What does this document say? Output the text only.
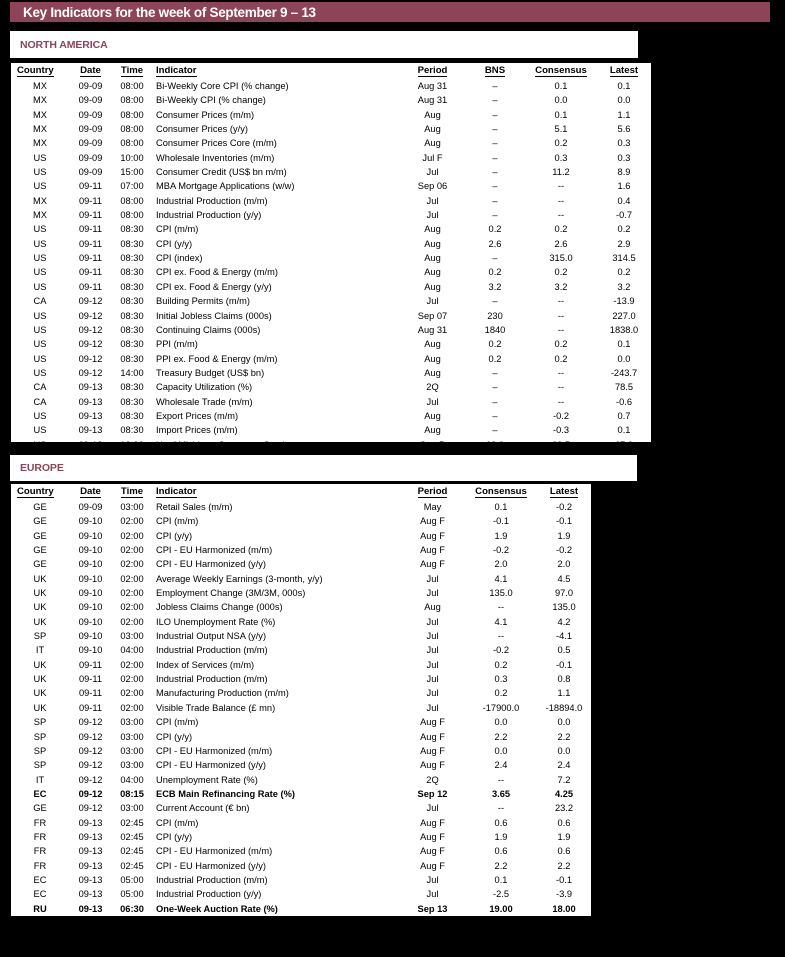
Key Indicators for the week of September 9 – 13
NORTH AMERICA
Country	Date	Time	Indicator	Period	BNS	Consensus	Latest
MX	09-09	08:00	Bi-Weekly Core CPI (% change)	Aug 31	–	0.1	0.1
MX	09-09	08:00	Bi-Weekly CPI (% change)	Aug 31	–	0.0	0.0
MX	09-09	08:00	Consumer Prices (m/m)	Aug	–	0.1	1.1
MX	09-09	08:00	Consumer Prices (y/y)	Aug	–	5.1	5.6
MX	09-09	08:00	Consumer Prices Core (m/m)	Aug	–	0.2	0.3
US	09-09	10:00	Wholesale Inventories (m/m)	Jul F	–	0.3	0.3
US	09-09	15:00	Consumer Credit (US$ bn m/m)	Jul	–	11.2	8.9
US	09-11	07:00	MBA Mortgage Applications (w/w)	Sep 06	–	--	1.6
MX	09-11	08:00	Industrial Production (m/m)	Jul	–	--	0.4
MX	09-11	08:00	Industrial Production (y/y)	Jul	–	--	-0.7
US	09-11	08:30	CPI (m/m)	Aug	0.2	0.2	0.2
US	09-11	08:30	CPI (y/y)	Aug	2.6	2.6	2.9
US	09-11	08:30	CPI (index)	Aug	–	315.0	314.5
US	09-11	08:30	CPI ex. Food & Energy (m/m)	Aug	0.2	0.2	0.2
US	09-11	08:30	CPI ex. Food & Energy (y/y)	Aug	3.2	3.2	3.2
CA	09-12	08:30	Building Permits (m/m)	Jul	–	--	-13.9
US	09-12	08:30	Initial Jobless Claims (000s)	Sep 07	230	--	227.0
US	09-12	08:30	Continuing Claims (000s)	Aug 31	1840	--	1838.0
US	09-12	08:30	PPI (m/m)	Aug	0.2	0.2	0.1
US	09-12	08:30	PPI ex. Food & Energy (m/m)	Aug	0.2	0.2	0.0
US	09-12	14:00	Treasury Budget (US$ bn)	Aug	–	--	-243.7
CA	09-13	08:30	Capacity Utilization (%)	2Q	–	--	78.5
CA	09-13	08:30	Wholesale Trade (m/m)	Jul	–	--	-0.6
US	09-13	08:30	Export Prices (m/m)	Aug	–	-0.2	0.7
US	09-13	08:30	Import Prices (m/m)	Aug	–	-0.3	0.1
US	09-13	10:00	U. of Michigan Consumer Sentiment	Sep P	68.0	68.5	67.9
EUROPE
Country	Date	Time	Indicator	Period	Consensus	Latest
GE	09-09	03:00	Retail Sales (m/m)	May	0.1	-0.2
GE	09-10	02:00	CPI (m/m)	Aug F	-0.1	-0.1
GE	09-10	02:00	CPI (y/y)	Aug F	1.9	1.9
GE	09-10	02:00	CPI - EU Harmonized (m/m)	Aug F	-0.2	-0.2
GE	09-10	02:00	CPI - EU Harmonized (y/y)	Aug F	2.0	2.0
UK	09-10	02:00	Average Weekly Earnings (3-month, y/y)	Jul	4.1	4.5
UK	09-10	02:00	Employment Change (3M/3M, 000s)	Jul	135.0	97.0
UK	09-10	02:00	Jobless Claims Change (000s)	Aug	--	135.0
UK	09-10	02:00	ILO Unemployment Rate (%)	Jul	4.1	4.2
SP	09-10	03:00	Industrial Output NSA (y/y)	Jul	--	-4.1
IT	09-10	04:00	Industrial Production (m/m)	Jul	-0.2	0.5
UK	09-11	02:00	Index of Services (m/m)	Jul	0.2	-0.1
UK	09-11	02:00	Industrial Production (m/m)	Jul	0.3	0.8
UK	09-11	02:00	Manufacturing Production (m/m)	Jul	0.2	1.1
UK	09-11	02:00	Visible Trade Balance (£ mn)	Jul	-17900.0	-18894.0
SP	09-12	03:00	CPI (m/m)	Aug F	0.0	0.0
SP	09-12	03:00	CPI (y/y)	Aug F	2.2	2.2
SP	09-12	03:00	CPI - EU Harmonized (m/m)	Aug F	0.0	0.0
SP	09-12	03:00	CPI - EU Harmonized (y/y)	Aug F	2.4	2.4
IT	09-12	04:00	Unemployment Rate (%)	2Q	--	7.2
EC	09-12	08:15	ECB Main Refinancing Rate (%)	Sep 12	3.65	4.25
GE	09-12	03:00	Current Account (€ bn)	Jul	--	23.2
FR	09-13	02:45	CPI (m/m)	Aug F	0.6	0.6
FR	09-13	02:45	CPI (y/y)	Aug F	1.9	1.9
FR	09-13	02:45	CPI - EU Harmonized (m/m)	Aug F	0.6	0.6
FR	09-13	02:45	CPI - EU Harmonized (y/y)	Aug F	2.2	2.2
EC	09-13	05:00	Industrial Production (m/m)	Jul	0.1	-0.1
EC	09-13	05:00	Industrial Production (y/y)	Jul	-2.5	-3.9
RU	09-13	06:30	One-Week Auction Rate (%)	Sep 13	19.00	18.00
RU	09-13	12:00	Real GDP (y/y)	2Q P	4.00	4.00
